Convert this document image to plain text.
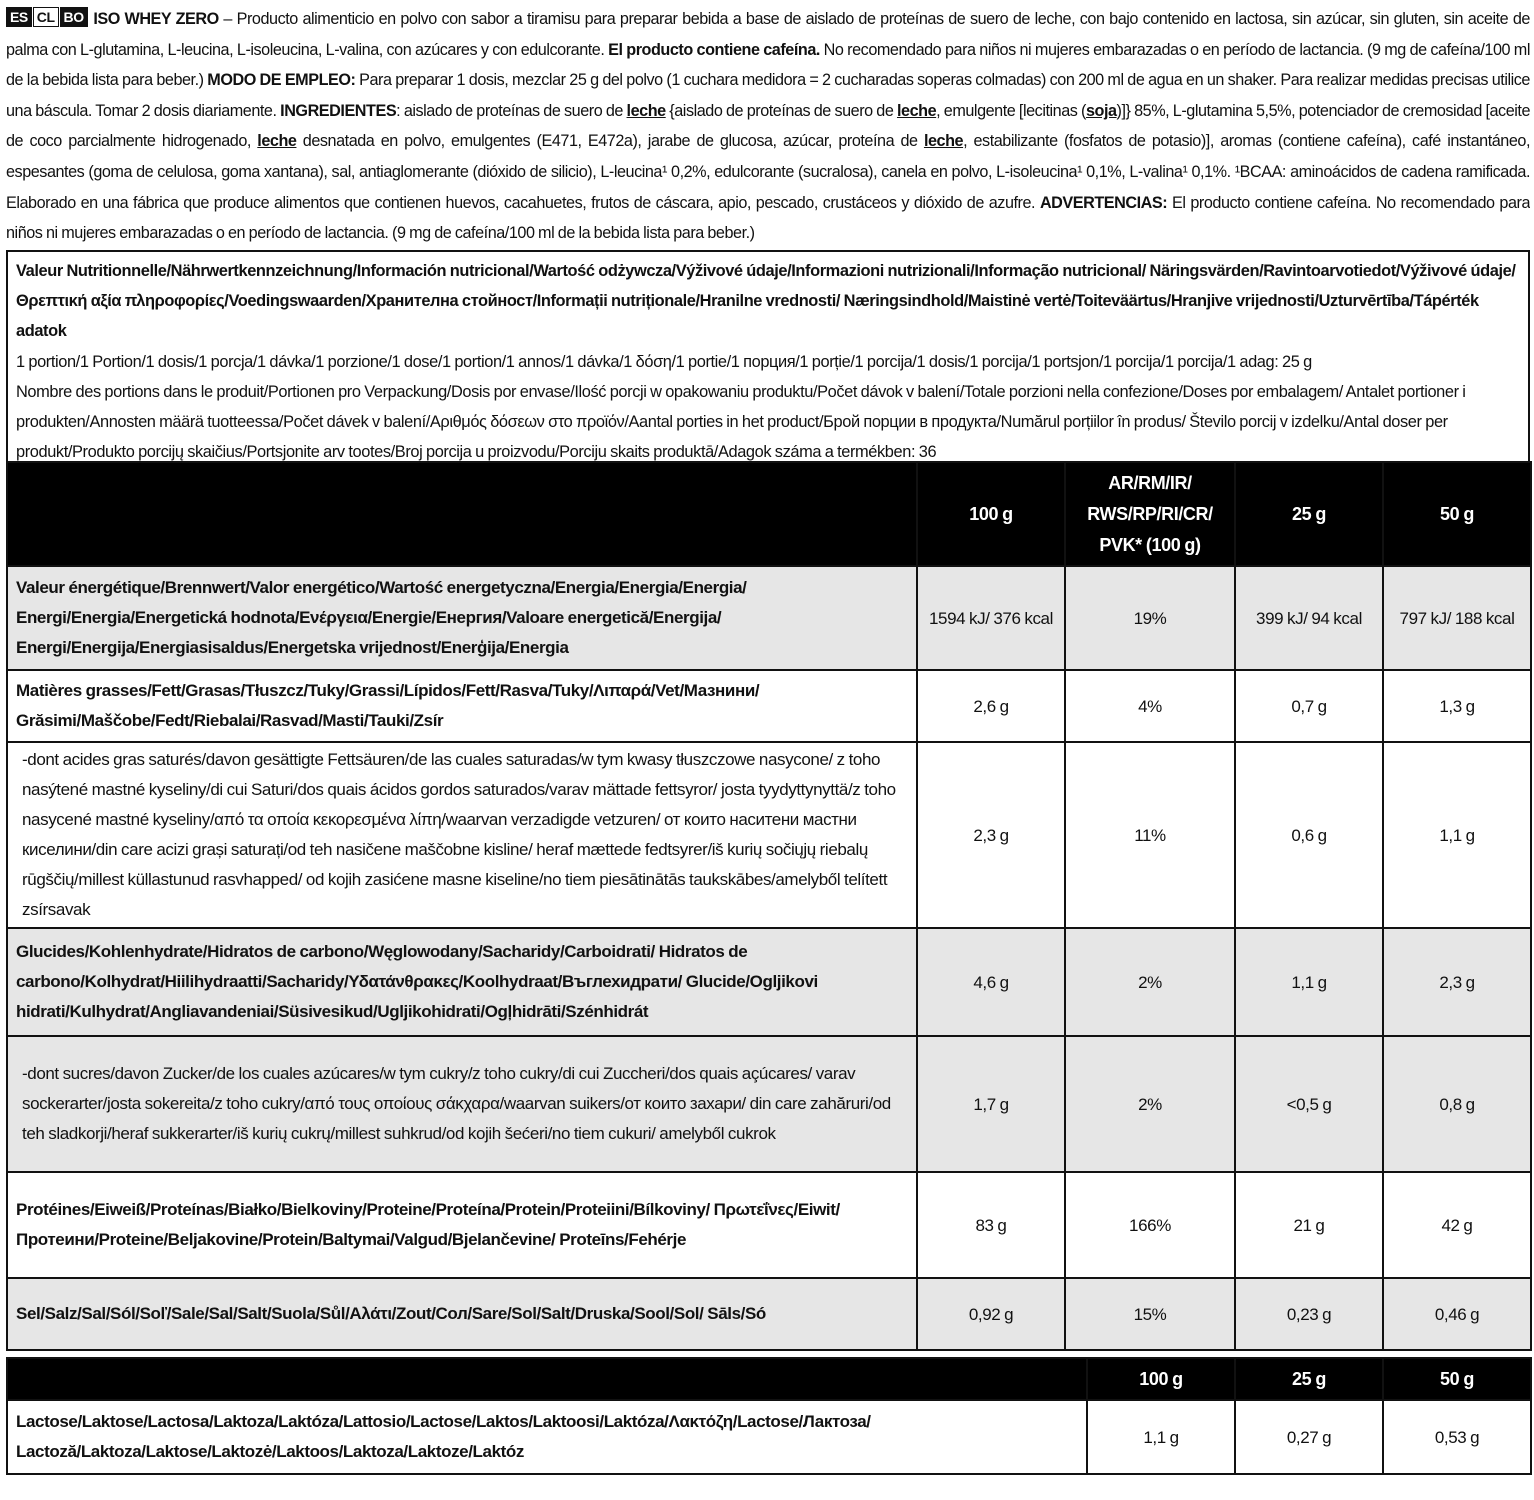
ES CL BO ISO WHEY ZERO – Producto alimenticio en polvo con sabor a tiramisu para preparar bebida a base de aislado de proteínas de suero de leche, con bajo contenido en lactosa, sin azúcar, sin gluten, sin aceite de palma con L-glutamina, L-leucina, L-isoleucina, L-valina, con azúcares y con edulcorante. El producto contiene cafeína. No recomendado para niños ni mujeres embarazadas o en período de lactancia. (9 mg de cafeína/100 ml de la bebida lista para beber.) MODO DE EMPLEO: Para preparar 1 dosis, mezclar 25 g del polvo (1 cuchara medidora = 2 cucharadas soperas colmadas) con 200 ml de agua en un shaker. Para realizar medidas precisas utilice una báscula. Tomar 2 dosis diariamente. INGREDIENTES: aislado de proteínas de suero de leche {aislado de proteínas de suero de leche, emulgente [lecitinas (soja)]} 85%, L-glutamina 5,5%, potenciador de cremosidad [aceite de coco parcialmente hidrogenado, leche desnatada en polvo, emulgentes (E471, E472a), jarabe de glucosa, azúcar, proteína de leche, estabilizante (fosfatos de potasio)], aromas (contiene cafeína), café instantáneo, espesantes (goma de celulosa, goma xantana), sal, antiaglomerante (dióxido de silicio), L-leucina¹ 0,2%, edulcorante (sucralosa), canela en polvo, L-isoleucina¹ 0,1%, L-valina¹ 0,1%. ¹BCAA: aminoácidos de cadena ramificada. Elaborado en una fábrica que produce alimentos que contienen huevos, cacahuetes, frutos de cáscara, apio, pescado, crustáceos y dióxido de azufre. ADVERTENCIAS: El producto contiene cafeína. No recomendado para niños ni mujeres embarazadas o en período de lactancia. (9 mg de cafeína/100 ml de la bebida lista para beber.)
Valeur Nutritionnelle/Nährwertkennzeichnung/Información nutricional/Wartość odżywcza/Výživové údaje/Informazioni nutrizionali/Informação nutricional/ Näringsvärden/Ravintoarvotiedot/Výživové údaje/Θρεπτική αξία πληροφορίες/Voedingswaarden/Хранителна стойност/Informații nutriționale/Hranilne vrednosti/ Næringsindhold/Maistinė vertė/Toiteväärtus/Hranjive vrijednosti/Uzturvērtība/Tápérték adatok
1 portion/1 Portion/1 dosis/1 porcja/1 dávka/1 porzione/1 dose/1 portion/1 annos/1 dávka/1 δόση/1 portie/1 порция/1 porție/1 porcija/1 dosis/1 porcija/1 portsjon/1 porcija/1 porcija/1 adag: 25 g
Nombre des portions dans le produit/Portionen pro Verpackung/Dosis por envase/Ilość porcji w opakowaniu produktu/Počet dávok v balení/Totale porzioni nella confezione/Doses por embalagem/ Antalet portioner i produkten/Annosten määrä tuotteessa/Počet dávek v balení/Αριθμός δόσεων στο προϊόν/Aantal porties in het product/Брой порции в продукта/Numărul porțiilor în produs/ Število porcij v izdelku/Antal doser per produkt/Produkto porcijų skaičius/Portsjonite arv tootes/Broj porcija u proizvodu/Porciju skaits produktā/Adagok száma a termékben: 36
	100 g	AR/RM/IR/ RWS/RP/RI/CR/ PVK* (100 g)	25 g	50 g
Valeur énergétique/Brennwert/Valor energético/Wartość energetyczna/Energia/Energia/Energia/ Energi/Energia/Energetická hodnota/Ενέργεια/Energie/Енергия/Valoare energetică/Energija/ Energi/Energija/Energiasisaldus/Energetska vrijednost/Enerģija/Energia	1594 kJ/ 376 kcal	19%	399 kJ/ 94 kcal	797 kJ/ 188 kcal
Matières grasses/Fett/Grasas/Tłuszcz/Tuky/Grassi/Lípidos/Fett/Rasva/Tuky/Λιπαρά/Vet/Мазнини/ Grăsimi/Maščobe/Fedt/Riebalai/Rasvad/Masti/Tauki/Zsír	2,6 g	4%	0,7 g	1,3 g
-dont acides gras saturés/davon gesättigte Fettsäuren/de las cuales saturadas/w tym kwasy tłuszczowe nasycone/ z toho nasýtené mastné kyseliny/di cui Saturi/dos quais ácidos gordos saturados/varav mättade fettsyror/ josta tyydyttynyttä/z toho nasycené mastné kyseliny/από τα οποία κεκορεσμένα λίπη/waarvan verzadigde vetzuren/ от които наситени мастни киселини/din care acizi grași saturați/od teh nasičene maščobne kisline/ heraf mættede fedtsyrer/iš kurių sočiųjų riebalų rūgščių/millest küllastunud rasvhapped/ od kojih zasićene masne kiseline/no tiem piesātinātās taukskābes/amelyből telített zsírsavak	2,3 g	11%	0,6 g	1,1 g
Glucides/Kohlenhydrate/Hidratos de carbono/Węglowodany/Sacharidy/Carboidrati/ Hidratos de carbono/Kolhydrat/Hiilihydraatti/Sacharidy/Υδατάνθρακες/Koolhydraat/Въглехидрати/ Glucide/Ogljikovi hidrati/Kulhydrat/Angliavandeniai/Süsivesikud/Ugljikohidrati/Ogļhidrāti/Szénhidrát	4,6 g	2%	1,1 g	2,3 g
-dont sucres/davon Zucker/de los cuales azúcares/w tym cukry/z toho cukry/di cui Zuccheri/dos quais açúcares/ varav sockerarter/josta sokereita/z toho cukry/από τους οποίους σάκχαρα/waarvan suikers/от които захари/ din care zahăruri/od teh sladkorji/heraf sukkerarter/iš kurių cukrų/millest suhkrud/od kojih šećeri/no tiem cukuri/ amelyből cukrok	1,7 g	2%	<0,5 g	0,8 g
Protéines/Eiweiß/Proteínas/Białko/Bielkoviny/Proteine/Proteína/Protein/Proteiini/Bílkoviny/ Πρωτεΐνες/Eiwit/Протеини/Proteine/Beljakovine/Protein/Baltymai/Valgud/Bjelančevine/ Proteīns/Fehérje	83 g	166%	21 g	42 g
Sel/Salz/Sal/Sól/Soľ/Sale/Sal/Salt/Suola/Sůl/Αλάτι/Zout/Сол/Sare/Sol/Salt/Druska/Sool/Sol/ Sāls/Só	0,92 g	15%	0,23 g	0,46 g
	100 g	25 g	50 g
Lactose/Laktose/Lactosa/Laktoza/Laktóza/Lattosio/Lactose/Laktos/Laktoosi/Laktóza/Λακτόζη/Lactose/Лактоза/ Lactoză/Laktoza/Laktose/Laktozė/Laktoos/Laktoza/Laktoze/Laktóz	1,1 g	0,27 g	0,53 g
